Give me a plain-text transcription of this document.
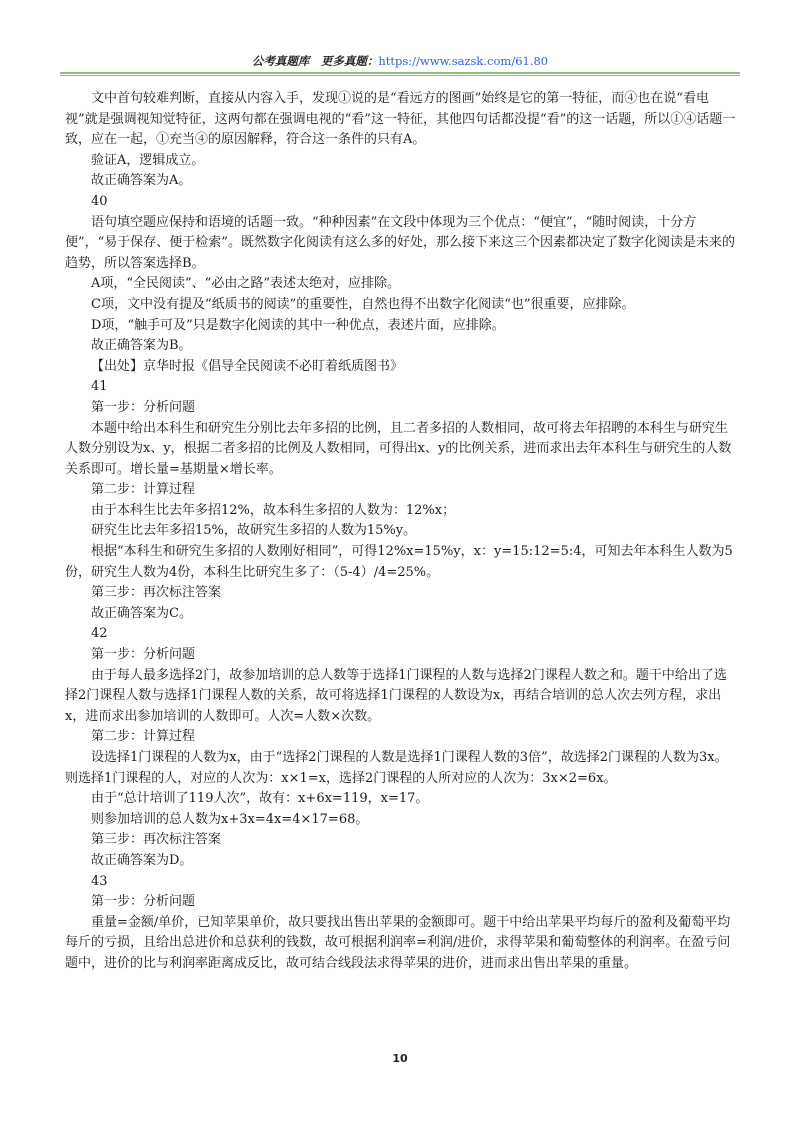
公考真题库　更多真题：https://www.sazsk.com/61.80

文中首句较难判断，直接从内容入手，发现①说的是“看远方的图画”始终是它的第一特征，而④也在说“看电视”就是强调视知觉特征，这两句都在强调电视的“看”这一特征，其他四句话都没提“看”的这一话题，所以①④话题一致，应在一起，①充当④的原因解释，符合这一条件的只有A。

验证A，逻辑成立。

故正确答案为A。

40

语句填空题应保持和语境的话题一致。“种种因素”在文段中体现为三个优点：“便宜”，“随时阅读，十分方便”，“易于保存、便于检索”。既然数字化阅读有这么多的好处，那么接下来这三个因素都决定了数字化阅读是未来的趋势，所以答案选择B。

A项，“全民阅读”、“必由之路”表述太绝对，应排除。

C项，文中没有提及“纸质书的阅读”的重要性，自然也得不出数字化阅读“也”很重要，应排除。

D项，“触手可及”只是数字化阅读的其中一种优点，表述片面，应排除。

故正确答案为B。

【出处】京华时报《倡导全民阅读不必盯着纸质图书》

41

第一步：分析问题

本题中给出本科生和研究生分别比去年多招的比例，且二者多招的人数相同，故可将去年招聘的本科生与研究生人数分别设为x、y，根据二者多招的比例及人数相同，可得出x、y的比例关系，进而求出去年本科生与研究生的人数关系即可。增长量=基期量×增长率。

第二步：计算过程

由于本科生比去年多招12%，故本科生多招的人数为：12%x；

研究生比去年多招15%，故研究生多招的人数为15%y。

根据“本科生和研究生多招的人数刚好相同”，可得12%x=15%y，x：y=15:12=5:4，可知去年本科生人数为5份，研究生人数为4份，本科生比研究生多了：（5-4）/4=25%。

第三步：再次标注答案

故正确答案为C。

42

第一步：分析问题

由于每人最多选择2门，故参加培训的总人数等于选择1门课程的人数与选择2门课程人数之和。题干中给出了选择2门课程人数与选择1门课程人数的关系，故可将选择1门课程的人数设为x，再结合培训的总人次去列方程，求出x，进而求出参加培训的人数即可。人次=人数×次数。

第二步：计算过程

设选择1门课程的人数为x，由于“选择2门课程的人数是选择1门课程人数的3倍”，故选择2门课程的人数为3x。则选择1门课程的人，对应的人次为：x×1=x，选择2门课程的人所对应的人次为：3x×2=6x。

由于“总计培训了119人次”，故有：x+6x=119，x=17。

则参加培训的总人数为x+3x=4x=4×17=68。

第三步：再次标注答案

故正确答案为D。

43

第一步：分析问题

重量=金额/单价，已知苹果单价，故只要找出售出苹果的金额即可。题干中给出苹果平均每斤的盈利及葡萄平均每斤的亏损，且给出总进价和总获利的钱数，故可根据利润率=利润/进价，求得苹果和葡萄整体的利润率。在盈亏问题中，进价的比与利润率距离成反比，故可结合线段法求得苹果的进价，进而求出售出苹果的重量。

10
